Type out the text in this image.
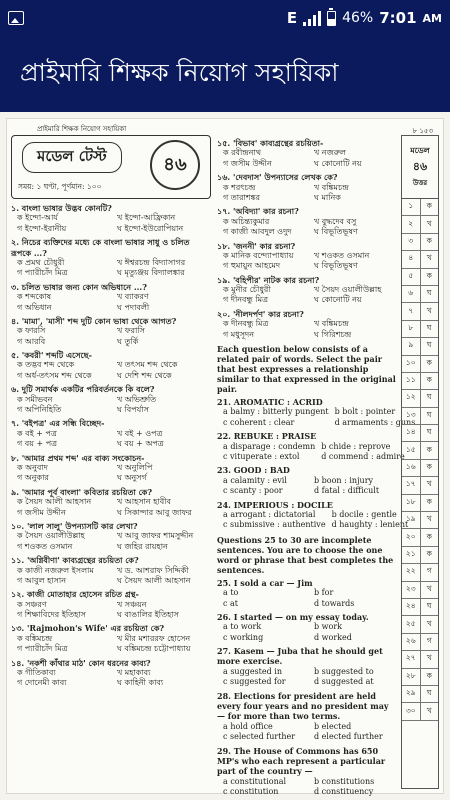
E	46% 7:01 AM
প্রাইমারি শিক্ষক নিয়োগ সহায়িকা
প্রাইমারি শিক্ষক নিয়োগ সহায়িকা	৮ ১৫৩
মডেল টেস্ট	৪৬
সময়: ১ ঘণ্টা, পূর্ণমান: ১০০
১. বাংলা ভাষার উদ্ভব কোনটি?
ক ইন্দো-আর্য	খ ইন্দো-আফ্রিকান
গ ইন্দো-ইরানীয়	ঘ ইন্দো-ইউরোপিয়ান
২. নিচের ব্যক্তিদের মধ্যে কে বাংলা ভাষার সাধু ও চলিত রূপকে ...?
ক প্রমথ চৌধুরী	খ ঈশ্বরচন্দ্র বিদ্যাসাগর
গ প্যারীচাঁদ মিত্র	ঘ মৃত্যুঞ্জয় বিদ্যালঙ্কার
৩. চলিত ভাষার জন্য কোন অভিধানে ...?
ক শব্দকোষ	খ ব্যাকরণ
গ অভিধান	ঘ পদাবলী
৪. 'মামা', 'মাসী' শব্দ দুটি কোন ভাষা থেকে আগত?
ক ফারসি	খ ফরাসি
গ আরবি	ঘ তুর্কি
৫. 'কবরী' শব্দটি এসেছে-
ক তদ্ভব শব্দ থেকে	খ তৎসম শব্দ থেকে
গ অর্ধ-তৎসম শব্দ থেকে	ঘ দেশি শব্দ থেকে
৬. দুটি সমার্থক একটির পরিবর্তনকে কি বলে?
ক সমীভবন	খ অভিশ্রুতি
গ অপিনিহিতি	ঘ বিপর্যাস
৭. 'বইপত্র' এর সন্ধি বিচ্ছেদ-
ক বই + পত্র	খ বই + ওপত্র
গ বয় + পত্র	ঘ বয় + অপত্র
৮. 'আমার প্রথম শব্দ' এর বাক্য সংকোচন-
ক অনুবাদ	খ অনুলিপি
গ অনুকার	ঘ অনুসর্গ
৯. 'আমার পূর্ব বাংলা' কবিতার রচয়িতা কে?
ক সৈয়দ আলী আহসান	খ আহসান হাবীব
গ জসীম উদ্দীন	ঘ সিকান্দার আবু জাফর
১০. 'লাল সালু' উপন্যাসটি কার লেখা?
ক সৈয়দ ওয়ালীউল্লাহ	খ আবু জাফর শামসুদ্দীন
গ শওকত ওসমান	ঘ জহির রায়হান
১১. 'অগ্নিবীণা' কাব্যগ্রন্থের রচয়িতা কে?
ক কাজী নজরুল ইসলাম	খ ড. আশরাফ সিদ্দিকী
গ আবুল হাসান	ঘ সৈয়দ আলী আহসান
১২. কাজী মোতাহার হোসেন রচিত গ্রন্থ-
ক সঞ্চরণ	খ সঞ্চয়ন
গ শিক্ষাবিদের ইতিহাস	ঘ বাঙালির ইতিহাস
১৩. 'Rajmohon's Wife' এর রচয়িতা কে?
ক বঙ্কিমচন্দ্র	খ মীর মশাররফ হোসেন
গ প্যারীচাঁদ মিত্র	ঘ বঙ্কিমচন্দ্র চট্টোপাধ্যায়
১৪. 'নকশী কাঁথার মাঠ' কোন ধরনের কাব্য?
ক গীতিকাব্য	খ মহাকাব্য
গ দোনেমী কাব্য	ঘ কাহিনী কাব্য
১৫. 'বিভাব' কাব্যগ্রন্থের রচয়িতা-
ক রবীন্দ্রনাথ	খ নজরুল
গ জসীম উদ্দীন	ঘ কোনোটি নয়
১৬. 'দেবদাস' উপন্যাসের লেখক কে?
ক শরৎচন্দ্র	খ বঙ্কিমচন্দ্র
গ তারাশঙ্কর	ঘ মানিক
১৭. 'অবিদ্যা' কার রচনা?
ক অচিন্ত্যকুমার	খ বুদ্ধদেব বসু
গ কাজী আবদুল ওদুদ	ঘ বিভূতিভূষণ
১৮. 'জননী' কার রচনা?
ক মানিক বন্দ্যোপাধ্যায়	খ শওকত ওসমান
গ হুমায়ুন আহমেদ	ঘ বিভূতিভূষণ
১৯. 'বহিপীর' নাটক কার রচনা?
ক মুনীর চৌধুরী	খ সৈয়দ ওয়ালীউল্লাহ
গ দীনবন্ধু মিত্র	ঘ কোনোটি নয়
২০. 'নীলদর্পণ' কার রচনা?
ক দীনবন্ধু মিত্র	খ বঙ্কিমচন্দ্র
গ মধুসূদন	ঘ গিরিশচন্দ্র
Each question below consists of a related pair of words. Select the pair that best expresses a relationship similar to that expressed in the original pair.
21. AROMATIC : ACRID
a balmy : bitterly pungent b bolt : pointer
c coherent : clear	d armaments : guns
22. REBUKE : PRAISE
a disparage : condemn b chide : reprove
c vituperate : extol	d commend : admire
23. GOOD : BAD
a calamity : evil	b boon : injury
c scanty : poor	d fatal : difficult
24. IMPERIOUS : DOCILE
a arrogant : dictatorial	b docile : gentle
c submissive : authentive d haughty : lenient
Questions 25 to 30 are incomplete sentences. You are to choose the one word or phrase that best completes the sentences.
25. I sold a car — Jim
a to	b for
c at	d towards
26. I started — on my essay today.
a to work	b work
c working	d worked
27. Kasem — Juba that he should get more exercise.
a suggested in	b suggested to
c suggested for	d suggested at
28. Elections for president are held every four years and no president may — for more than two terms.
a hold office	b elected
c selected further	d elected further
29. The House of Commons has 650 MP's who each represent a particular part of the country —
a constitutional	b constitutions
c constitution	d constituency
মডেল
৪৬
উত্তর
১	ক
২	খ
৩	ক
৪	খ
৫	ক
৬	ঘ
৭	খ
৮	ঘ
৯	ঘ
১০	ক
১১	ক
১২	ঘ
১৩	ঘ
১৪	ঘ
১৫	ক
১৬	ক
১৭	খ
১৮	ক
১৯	খ
২০	ক
২১	ক
২২	গ
২৩	খ
২৪	ঘ
২৫	খ
২৬	গ
২৭	খ
২৮	ক
২৯	ঘ
৩০	খ
